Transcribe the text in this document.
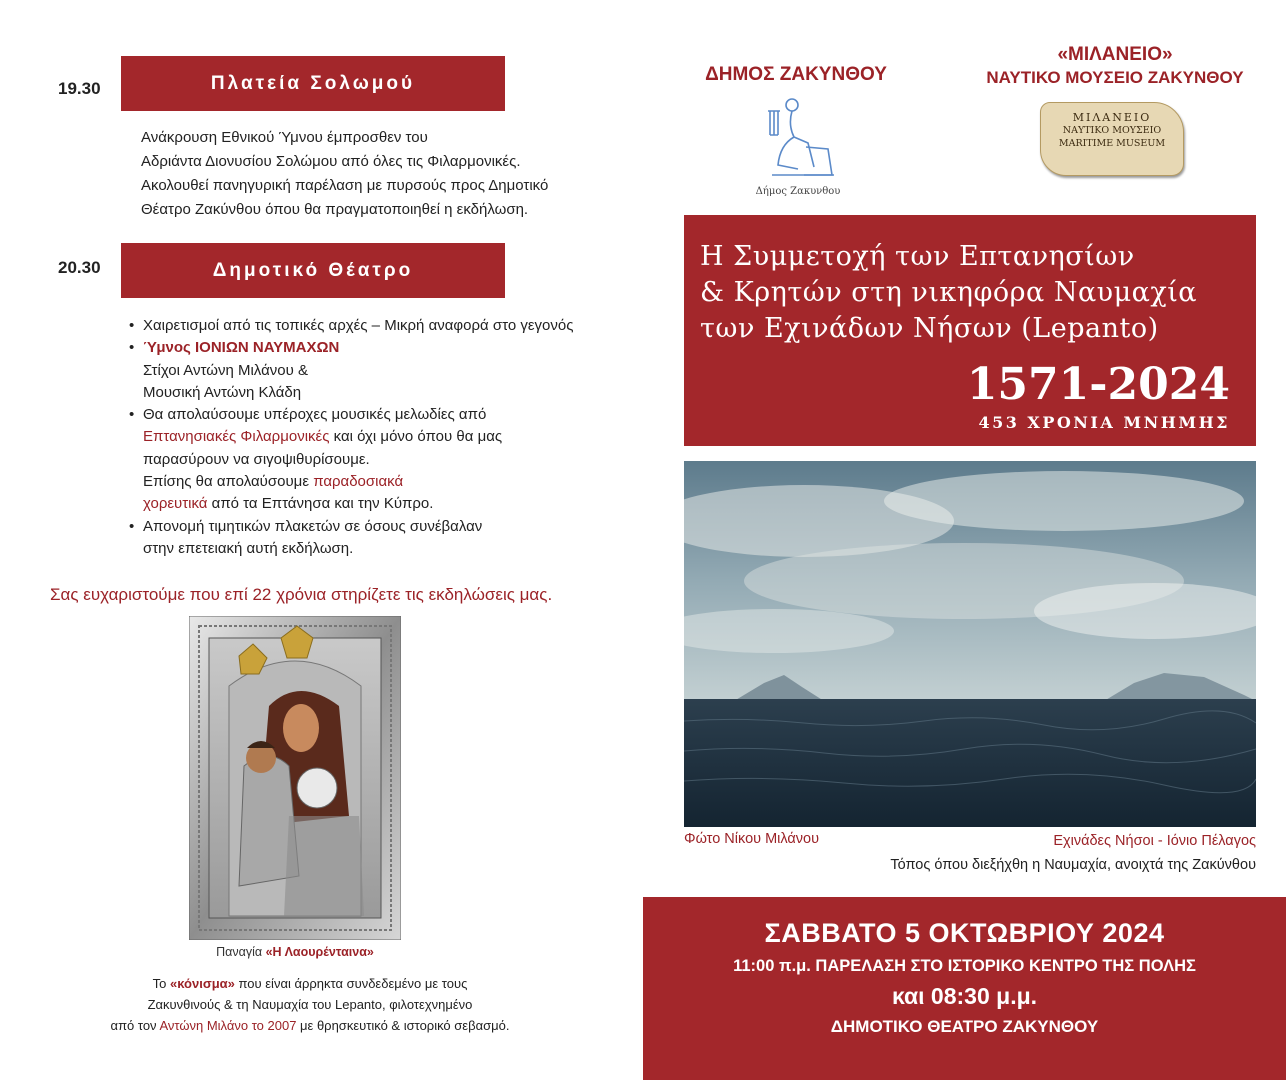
19.30	Πλατεία Σολωμού
Ανάκρουση Εθνικού Ύμνου έμπροσθεν του
Αδριάντα Διονυσίου Σολώμου από όλες τις Φιλαρμονικές.
Ακολουθεί πανηγυρική παρέλαση με πυρσούς προς Δημοτικό
Θέατρο Ζακύνθου όπου θα πραγματοποιηθεί η εκδήλωση.
20.30	Δημοτικό Θέατρο
• Χαιρετισμοί από τις τοπικές αρχές – Μικρή αναφορά στο γεγονός
• Ύμνος ΙΟΝΙΩΝ ΝΑΥΜΑΧΩΝ
Στίχοι Αντώνη Μιλάνου &
Μουσική Αντώνη Κλάδη
• Θα απολαύσουμε υπέροχες μουσικές μελωδίες από
Επτανησιακές Φιλαρμονικές και όχι μόνο όπου θα μας
παρασύρουν να σιγοψιθυρίσουμε.
Επίσης θα απολαύσουμε παραδοσιακά
χορευτικά από τα Επτάνησα και την Κύπρο.
• Απονομή τιμητικών πλακετών σε όσους συνέβαλαν
στην επετειακή αυτή εκδήλωση.
Σας ευχαριστούμε που επί 22 χρόνια στηρίζετε τις εκδηλώσεις μας.
Παναγία «Η Λαουρένταινα»
Το «κόνισμα» που είναι άρρηκτα συνδεδεμένο με τους
Ζακυνθινούς & τη Ναυμαχία του Lepanto, φιλοτεχνημένο
από τον Αντώνη Μιλάνο το 2007 με θρησκευτικό & ιστορικό σεβασμό.
ΔΗΜΟΣ ΖΑΚΥΝΘΟΥ
Δήμος Ζακυνθου
«ΜΙΛΑΝΕΙΟ»
ΝΑΥΤΙΚΟ ΜΟΥΣΕΙΟ ΖΑΚΥΝΘΟΥ
ΜΙΛΑΝΕΙΟ
ΝΑΥΤΙΚΟ ΜΟΥΣΕΙΟ
MARITIME MUSEUM
Η Συμμετοχή των Επτανησίων
& Κρητών στη νικηφόρα Ναυμαχία
των Εχινάδων Νήσων (Lepanto)
1571-2024
453 ΧΡΟΝΙΑ ΜΝΗΜΗΣ
Φώτο Νίκου Μιλάνου	Εχινάδες Νήσοι - Ιόνιο Πέλαγος
Τόπος όπου διεξήχθη η Ναυμαχία, ανοιχτά της Ζακύνθου
ΣΑΒΒΑΤΟ 5 ΟΚΤΩΒΡΙΟΥ 2024
11:00 π.μ. ΠΑΡΕΛΑΣΗ ΣΤΟ ΙΣΤΟΡΙΚΟ ΚΕΝΤΡΟ ΤΗΣ ΠΟΛΗΣ
και 08:30 μ.μ.
ΔΗΜΟΤΙΚΟ ΘΕΑΤΡΟ ΖΑΚΥΝΘΟΥ
